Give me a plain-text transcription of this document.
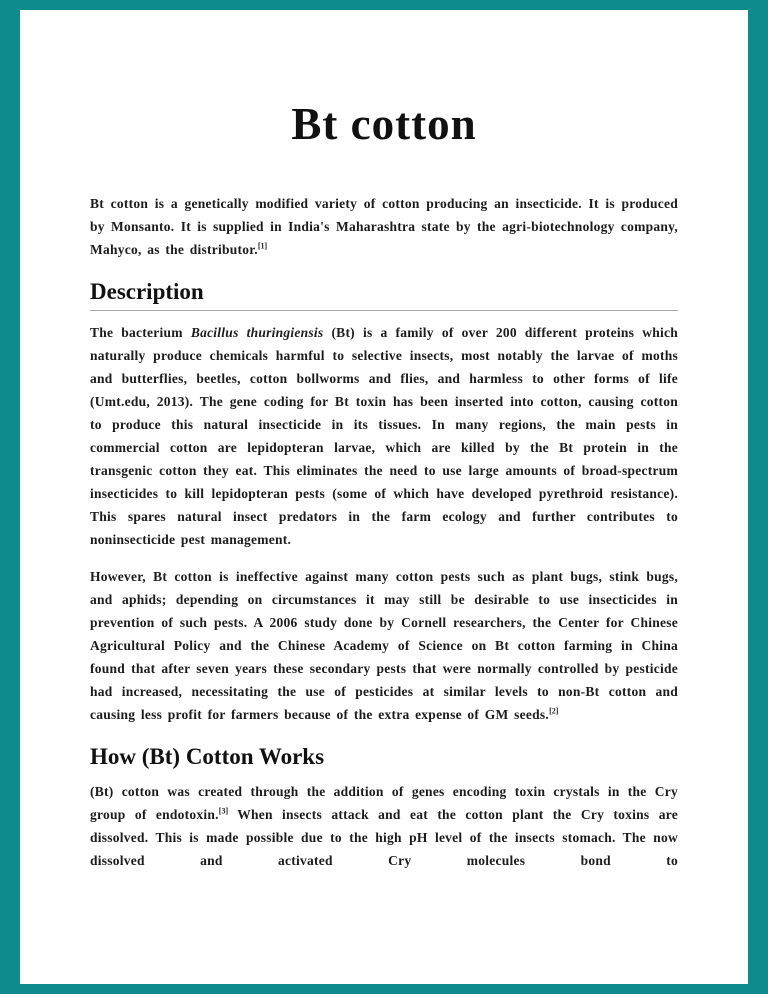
Bt cotton

Bt cotton is a genetically modified variety of cotton producing an insecticide. It is produced by Monsanto. It is supplied in India's Maharashtra state by the agri-biotechnology company, Mahyco, as the distributor.[1]

Description

The bacterium Bacillus thuringiensis (Bt) is a family of over 200 different proteins which naturally produce chemicals harmful to selective insects, most notably the larvae of moths and butterflies, beetles, cotton bollworms and flies, and harmless to other forms of life (Umt.edu, 2013). The gene coding for Bt toxin has been inserted into cotton, causing cotton to produce this natural insecticide in its tissues. In many regions, the main pests in commercial cotton are lepidopteran larvae, which are killed by the Bt protein in the transgenic cotton they eat. This eliminates the need to use large amounts of broad-spectrum insecticides to kill lepidopteran pests (some of which have developed pyrethroid resistance). This spares natural insect predators in the farm ecology and further contributes to noninsecticide pest management.

However, Bt cotton is ineffective against many cotton pests such as plant bugs, stink bugs, and aphids; depending on circumstances it may still be desirable to use insecticides in prevention of such pests. A 2006 study done by Cornell researchers, the Center for Chinese Agricultural Policy and the Chinese Academy of Science on Bt cotton farming in China found that after seven years these secondary pests that were normally controlled by pesticide had increased, necessitating the use of pesticides at similar levels to non-Bt cotton and causing less profit for farmers because of the extra expense of GM seeds.[2]

How (Bt) Cotton Works

(Bt) cotton was created through the addition of genes encoding toxin crystals in the Cry group of endotoxin.[3] When insects attack and eat the cotton plant the Cry toxins are dissolved. This is made possible due to the high pH level of the insects stomach. The now dissolved and activated Cry molecules bond to
